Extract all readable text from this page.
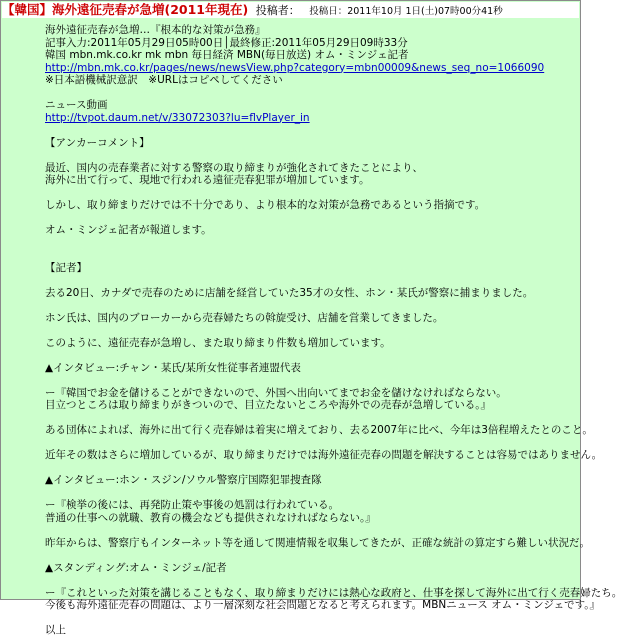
【韓国】海外遠征売春が急増(2011年現在) 投稿者： 投稿日：2011年10月 1日(土)07時00分41秒
海外遠征売春が急増…『根本的な対策が急務』
記事入力:2011年05月29日05時00日│最終修正:2011年05月29日09時33分
韓国 mbn.mk.co.kr mk mbn 毎日経済 MBN(毎日放送) オム・ミンジェ記者
http://mbn.mk.co.kr/pages/news/newsView.php?category=mbn00009&news_seq_no=1066090
※日本語機械訳意訳　※URLはコピペしてください
ニュース動画
http://tvpot.daum.net/v/33072303?lu=flvPlayer_in
【アンカーコメント】
最近、国内の売春業者に対する警察の取り締まりが強化されてきたことにより、
海外に出て行って、現地で行われる遠征売春犯罪が増加しています。
しかし、取り締まりだけでは不十分であり、より根本的な対策が急務であるという指摘です。
オム・ミンジェ記者が報道します。
【記者】
去る20日、カナダで売春のために店舗を経営していた35才の女性、ホン・某氏が警察に捕まりました。
ホン氏は、国内のブローカーから売春婦たちの斡旋受け、店舗を営業してきました。
このように、遠征売春が急増し、また取り締まり件数も増加しています。
▲インタビュー:チャン・某氏/某所女性従事者連盟代表
ー『韓国でお金を儲けることができないので、外国へ出向いてまでお金を儲けなければならない。
目立つところは取り締まりがきついので、目立たないところや海外での売春が急増している。』
ある団体によれば、海外に出て行く売春婦は着実に増えており、去る2007年に比べ、今年は3倍程増えたとのこと。
近年その数はさらに増加しているが、取り締まりだけでは海外遠征売春の問題を解決することは容易ではありません。
▲インタビュー:ホン・スジン/ソウル警察庁国際犯罪捜査隊
ー『検挙の後には、再発防止策や事後の処罰は行われている。
普通の仕事への就職、教育の機会なども提供されなければならない。』
昨年からは、警察庁もインターネット等を通して関連情報を収集してきたが、正確な統計の算定すら難しい状況だ。
▲スタンディング:オム・ミンジェ/記者
ー『これといった対策を講じることもなく、取り締まりだけには熱心な政府と、仕事を探して海外に出て行く売春婦たち。
今後も海外遠征売春の問題は、より一層深刻な社会問題となると考えられます。MBNニュース オム・ミンジェです。』
以上
